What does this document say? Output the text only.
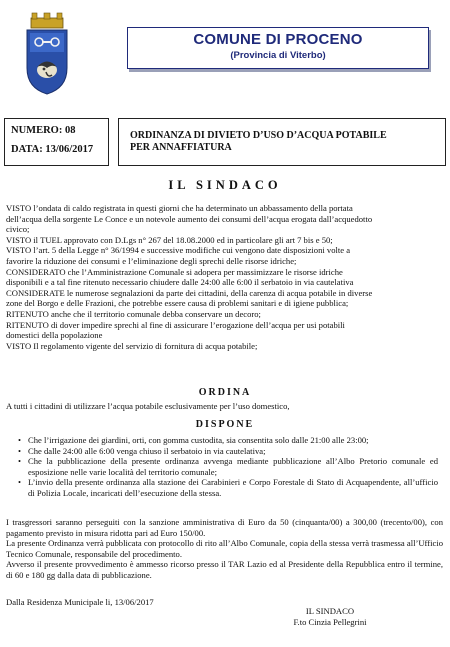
COMUNE DI PROCENO
(Provincia di Viterbo)
NUMERO: 08
DATA: 13/06/2017
ORDINANZA DI DIVIETO D’USO D’ACQUA POTABILE
PER ANNAFFIATURA
IL SINDACO

VISTO l’ondata di caldo registrata in questi giorni che ha determinato un abbassamento della portata

dell’acqua della sorgente Le Conce e un notevole aumento dei consumi dell’acqua erogata dall’acquedotto

civico;

VISTO il TUEL approvato con D.Lgs n° 267 del 18.08.2000 ed in particolare gli art 7 bis e 50;

VISTO l’art. 5 della Legge n° 36/1994 e successive modifiche cui vengono date disposizioni volte a

favorire la riduzione dei consumi e l’eliminazione degli sprechi delle risorse idriche;

CONSIDERATO che l’Amministrazione Comunale si adopera per massimizzare le risorse idriche

disponibili e a tal fine ritenuto necessario chiudere dalle 24:00 alle 6:00 il serbatoio in via cautelativa

CONSIDERATE le numerose segnalazioni da parte dei cittadini, della carenza di acqua potabile in diverse

zone del Borgo e delle Frazioni, che potrebbe essere causa di problemi sanitari e di igiene pubblica;

RITENUTO anche che il territorio comunale debba conservare un decoro;

RITENUTO di dover impedire sprechi al fine di assicurare l’erogazione dell’acqua per usi potabili

domestici della popolazione

VISTO Il regolamento vigente del servizio di fornitura di acqua potabile;

ORDINA
A tutti i cittadini di utilizzare l’acqua potabile esclusivamente per l’uso domestico,
DISPONE
• Che l’irrigazione dei giardini, orti, con gomma custodita, sia consentita solo dalle 21:00 alle 23:00;
• Che dalle 24:00 alle 6:00 venga chiuso il serbatoio in via cautelativa;
• Che la pubblicazione della presente ordinanza avvenga mediante pubblicazione all’Albo Pretorio comunale ed esposizione nelle varie località del territorio comunale;
• L’invio della presente ordinanza alla stazione dei Carabinieri e Corpo Forestale di Stato di Acquapendente, all’ufficio di Polizia Locale, incaricati dell’esecuzione della stessa.

I trasgressori saranno perseguiti con la sanzione amministrativa di Euro da 50 (cinquanta/00) a 300,00 (trecento/00), con pagamento previsto in misura ridotta pari ad Euro 150/00.

La presente Ordinanza verrà pubblicata con protocollo di rito all’Albo Comunale, copia della stessa verrà trasmessa all’Ufficio Tecnico Comunale, responsabile del procedimento.

Avverso il presente provvedimento è ammesso ricorso presso il TAR Lazio ed al Presidente della Repubblica entro il termine, di 60 e 180 gg dalla data di pubblicazione.

Dalla Residenza Municipale li, 13/06/2017
IL SINDACO
F.to Cinzia Pellegrini
